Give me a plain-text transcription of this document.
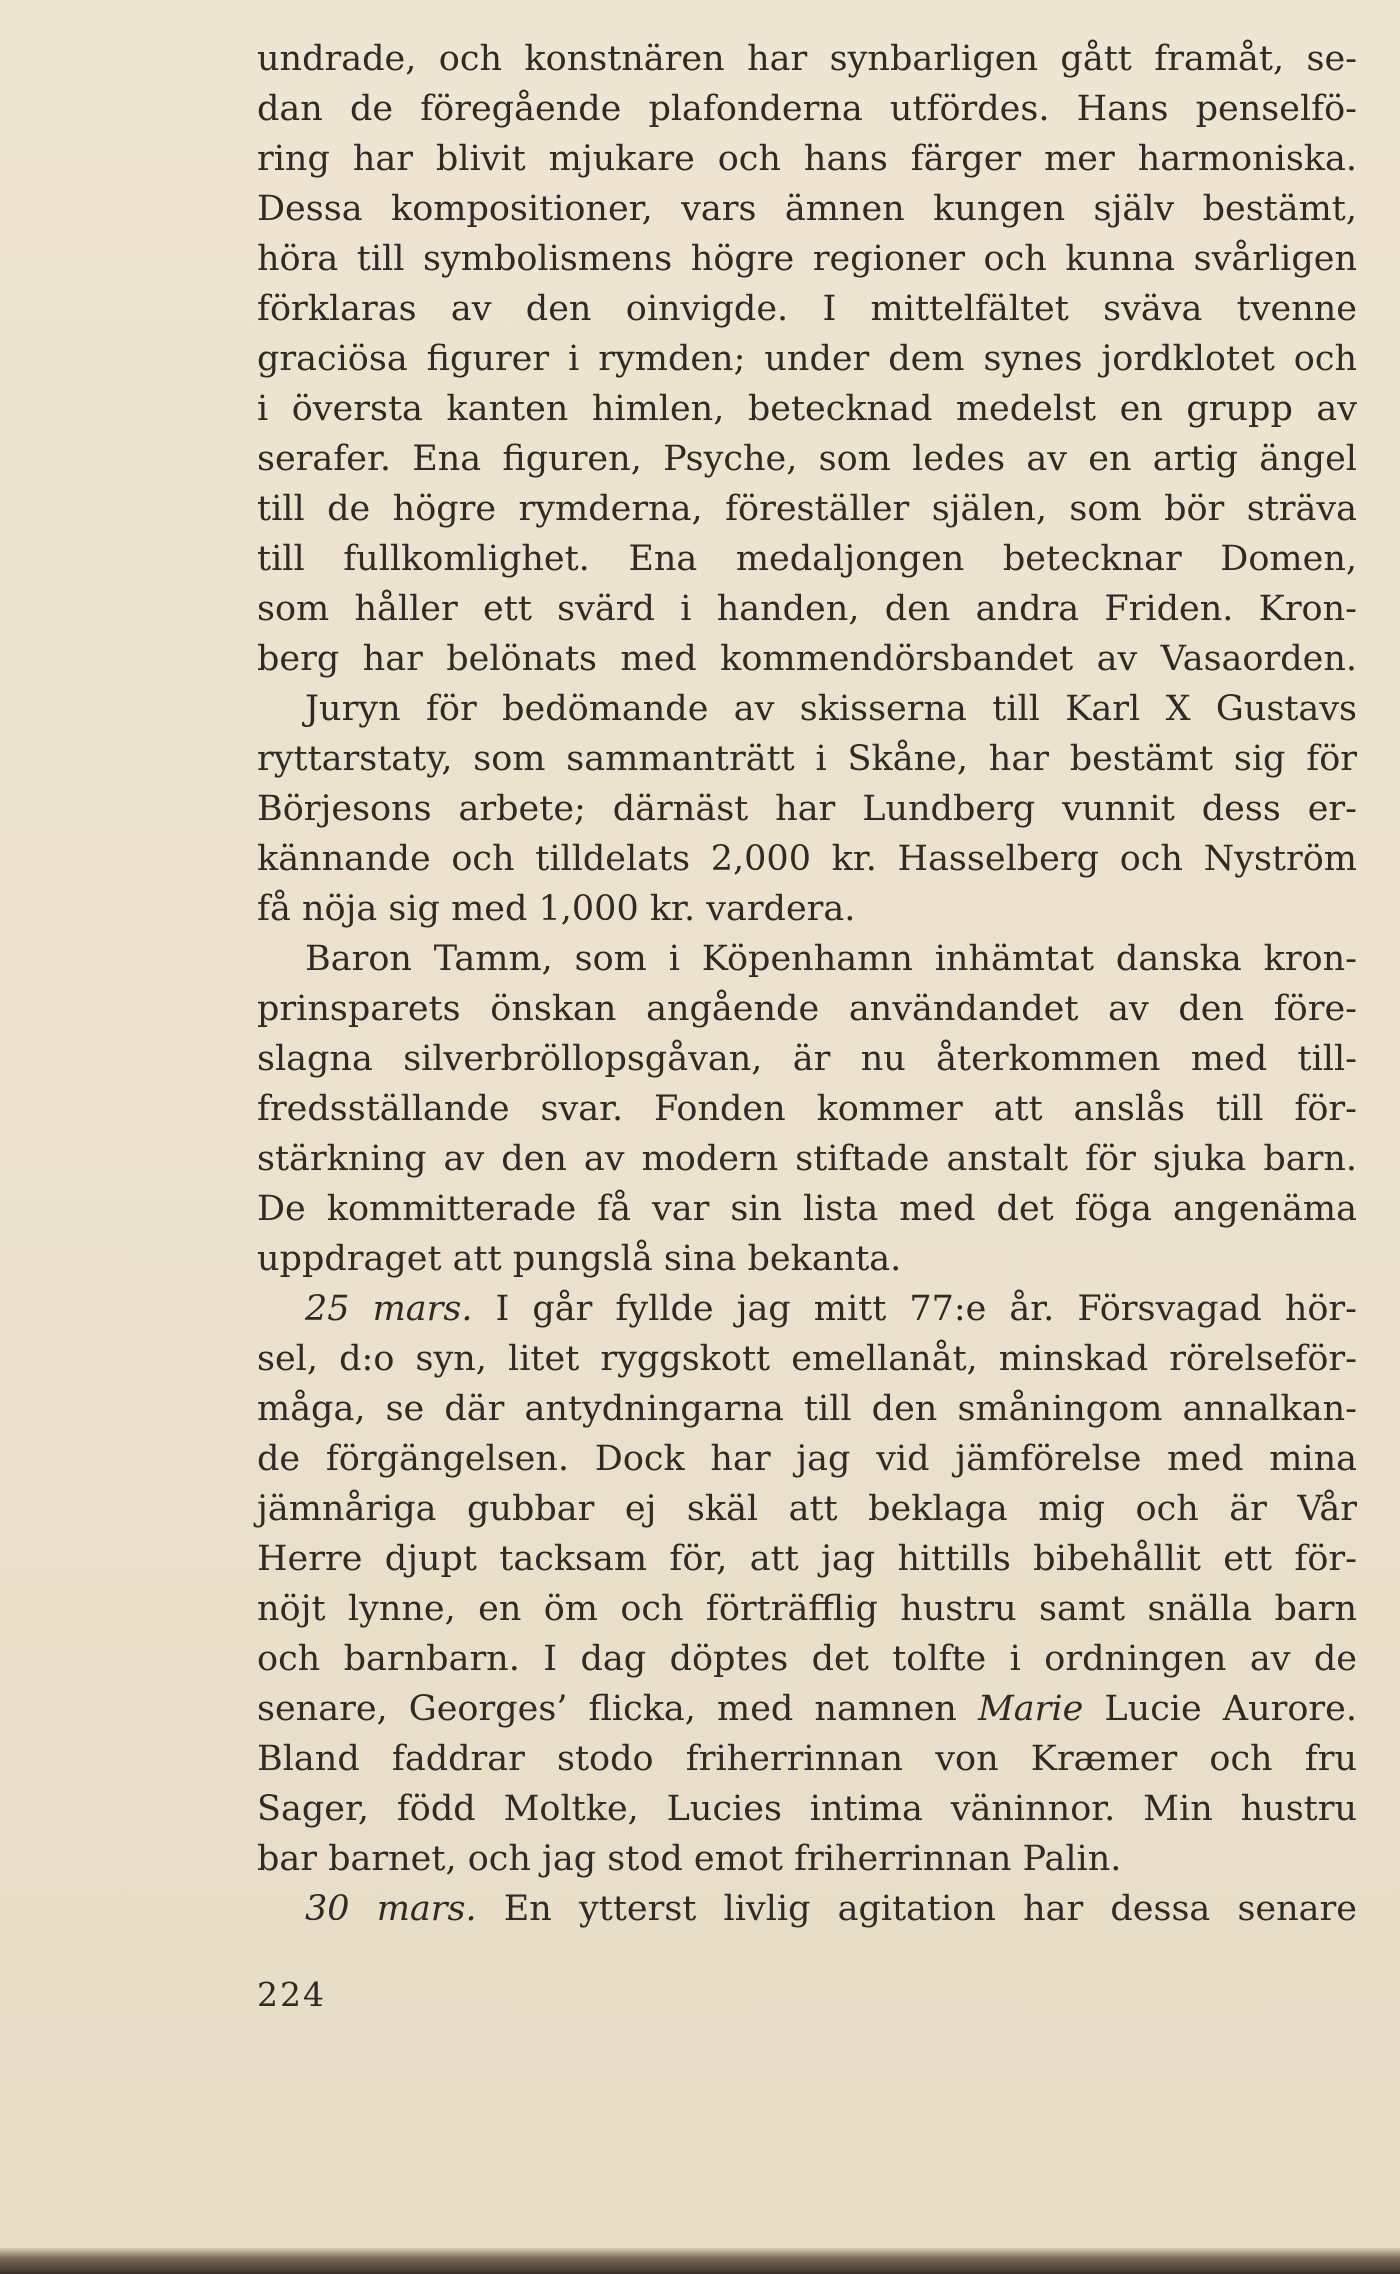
undrade, och konstnären har synbarligen gått framåt, se-
dan de föregående plafonderna utfördes. Hans penselfö-
ring har blivit mjukare och hans färger mer harmoniska.
Dessa kompositioner, vars ämnen kungen själv bestämt,
höra till symbolismens högre regioner och kunna svårligen
förklaras av den oinvigde. I mittelfältet sväva tvenne
graciösa figurer i rymden; under dem synes jordklotet och
i översta kanten himlen, betecknad medelst en grupp av
serafer. Ena figuren, Psyche, som ledes av en artig ängel
till de högre rymderna, föreställer själen, som bör sträva
till fullkomlighet. Ena medaljongen betecknar Domen,
som håller ett svärd i handen, den andra Friden. Kron-
berg har belönats med kommendörsbandet av Vasaorden.
Juryn för bedömande av skisserna till Karl X Gustavs
ryttarstaty, som sammanträtt i Skåne, har bestämt sig för
Börjesons arbete; därnäst har Lundberg vunnit dess er-
kännande och tilldelats 2,000 kr. Hasselberg och Nyström
få nöja sig med 1,000 kr. vardera.
Baron Tamm, som i Köpenhamn inhämtat danska kron-
prinsparets önskan angående användandet av den före-
slagna silverbröllopsgåvan, är nu återkommen med till-
fredsställande svar. Fonden kommer att anslås till för-
stärkning av den av modern stiftade anstalt för sjuka barn.
De kommitterade få var sin lista med det föga angenäma
uppdraget att pungslå sina bekanta.
25 mars. I går fyllde jag mitt 77:e år. Försvagad hör-
sel, d:o syn, litet ryggskott emellanåt, minskad rörelseför-
måga, se där antydningarna till den småningom annalkan-
de förgängelsen. Dock har jag vid jämförelse med mina
jämnåriga gubbar ej skäl att beklaga mig och är Vår
Herre djupt tacksam för, att jag hittills bibehållit ett för-
nöjt lynne, en öm och förträfflig hustru samt snälla barn
och barnbarn. I dag döptes det tolfte i ordningen av de
senare, Georges’ flicka, med namnen Marie Lucie Aurore.
Bland faddrar stodo friherrinnan von Kræmer och fru
Sager, född Moltke, Lucies intima väninnor. Min hustru
bar barnet, och jag stod emot friherrinnan Palin.
30 mars. En ytterst livlig agitation har dessa senare
224
